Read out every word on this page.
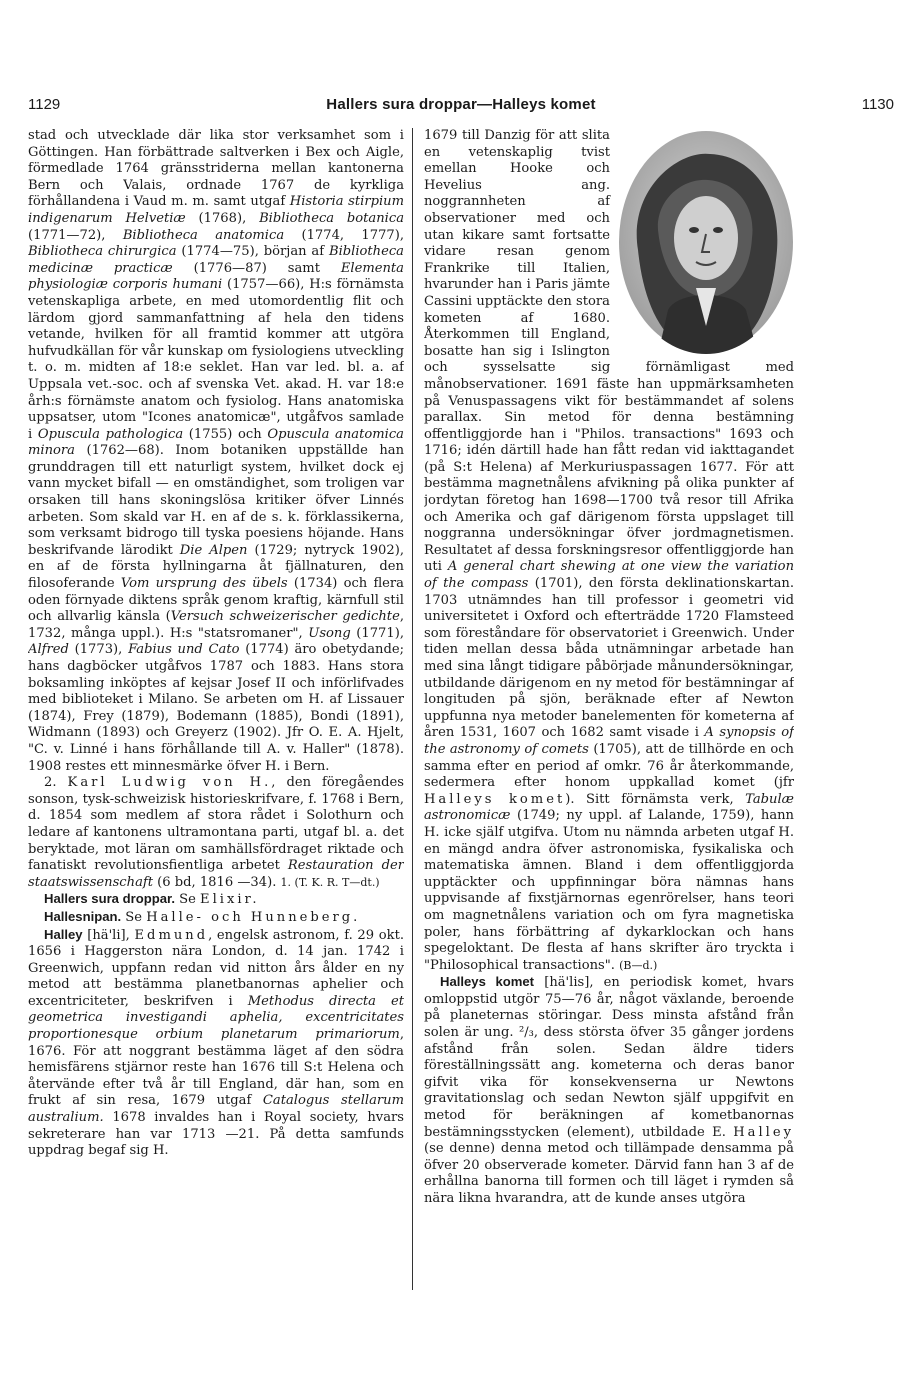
1129	Hallers sura droppar—Halleys komet	1130

stad och utvecklade där lika stor verksamhet som i Göttingen. Han förbättrade saltverken i Bex och Aigle, förmedlade 1764 gränsstriderna mellan kantonerna Bern och Valais, ordnade 1767 de kyrkliga förhållandena i Vaud m. m. samt utgaf Historia stirpium indigenarum Helvetiæ (1768), Bibliotheca botanica (1771—72), Bibliotheca anatomica (1774, 1777), Bibliotheca chirurgica (1774—75), början af Bibliotheca medicinæ practicæ (1776—87) samt Elementa physiologiæ corporis humani (1757—66), H:s förnämsta vetenskapliga arbete, en med utomordentlig flit och lärdom gjord sammanfattning af hela den tidens vetande, hvilken för all framtid kommer att utgöra hufvudkällan för vår kunskap om fysiologiens utveckling t. o. m. midten af 18:e seklet. Han var led. bl. a. af Uppsala vet.-soc. och af svenska Vet. akad. H. var 18:e årh:s förnämste anatom och fysiolog. Hans anatomiska uppsatser, utom "Icones anatomicæ", utgåfvos samlade i Opuscula pathologica (1755) och Opuscula anatomica minora (1762—68). Inom botaniken uppställde han grunddragen till ett naturligt system, hvilket dock ej vann mycket bifall — en omständighet, som troligen var orsaken till hans skoningslösa kritiker öfver Linnés arbeten. Som skald var H. en af de s. k. förklassikerna, som verksamt bidrogo till tyska poesiens höjande. Hans beskrifvande lärodikt Die Alpen (1729; nytryck 1902), en af de första hyllningarna åt fjällnaturen, den filosoferande Vom ursprung des übels (1734) och flera oden förnyade diktens språk genom kraftig, kärnfull stil och allvarlig känsla (Versuch schweizerischer gedichte, 1732, många uppl.). H:s "statsromaner", Usong (1771), Alfred (1773), Fabius und Cato (1774) äro obetydande; hans dagböcker utgåfvos 1787 och 1883. Hans stora boksamling inköptes af kejsar Josef II och införlifvades med biblioteket i Milano. Se arbeten om H. af Lissauer (1874), Frey (1879), Bodemann (1885), Bondi (1891), Widmann (1893) och Greyerz (1902). Jfr O. E. A. Hjelt, "C. v. Linné i hans förhållande till A. v. Haller" (1878). 1908 restes ett minnesmärke öfver H. i Bern.

2. Karl Ludwig von H., den föregåendes sonson, tysk-schweizisk historieskrifvare, f. 1768 i Bern, d. 1854 som medlem af stora rådet i Solothurn och ledare af kantonens ultramontana parti, utgaf bl. a. det beryktade, mot läran om samhällsfördraget riktade och fanatiskt revolutionsfientliga arbetet Restauration der staatswissenschaft (6 bd, 1816 —34). 1. (T. K. R. T—dt.)

Hallers sura droppar. Se Elixir.

Hallesnipan. Se Halle- och Hunneberg.

Halley [hä'li], Edmund, engelsk astronom, f. 29 okt. 1656 i Haggerston nära London, d. 14 jan. 1742 i Greenwich, uppfann redan vid nitton års ålder en ny metod att bestämma planetbanornas aphelier och excentriciteter, beskrifven i Methodus directa et geometrica investigandi aphelia, excentricitates proportionesque orbium planetarum primariorum, 1676. För att noggrant bestämma läget af den södra hemisfärens stjärnor reste han 1676 till S:t Helena och återvände efter två år till England, där han, som en frukt af sin resa, 1679 utgaf Catalogus stellarum australium. 1678 invaldes han i Royal society, hvars sekreterare han var 1713 —21. På detta samfunds uppdrag begaf sig H.

1679 till Danzig för att slita en vetenskaplig tvist emellan Hooke och Hevelius ang. noggrannheten af observationer med och utan kikare samt fortsatte vidare resan genom Frankrike till Italien, hvarunder han i Paris jämte Cassini upptäckte den stora kometen af 1680. Återkommen till England, bosatte han sig i Islington och sysselsatte sig förnämligast med månobservationer. 1691 fäste han uppmärksamheten på Venuspassagens vikt för bestämmandet af solens parallax. Sin metod för denna bestämning offentliggjorde han i "Philos. transactions" 1693 och 1716; idén därtill hade han fått redan vid iakttagandet (på S:t Helena) af Merkuriuspassagen 1677. För att bestämma magnetnålens afvikning på olika punkter af jordytan företog han 1698—1700 två resor till Afrika och Amerika och gaf därigenom första uppslaget till noggranna undersökningar öfver jordmagnetismen. Resultatet af dessa forskningsresor offentliggjorde han uti A general chart shewing at one view the variation of the compass (1701), den första deklinationskartan. 1703 utnämndes han till professor i geometri vid universitetet i Oxford och efterträdde 1720 Flamsteed som föreståndare för observatoriet i Greenwich. Under tiden mellan dessa båda utnämningar arbetade han med sina långt tidigare påbörjade månundersökningar, utbildande därigenom en ny metod för bestämningar af longituden på sjön, beräknade efter af Newton uppfunna nya metoder banelementen för kometerna af åren 1531, 1607 och 1682 samt visade i A synopsis of the astronomy of comets (1705), att de tillhörde en och samma efter en period af omkr. 76 år återkommande, sedermera efter honom uppkallad komet (jfr Halleys komet). Sitt förnämsta verk, Tabulæ astronomicæ (1749; ny uppl. af Lalande, 1759), hann H. icke själf utgifva. Utom nu nämnda arbeten utgaf H. en mängd andra öfver astronomiska, fysikaliska och matematiska ämnen. Bland i dem offentliggjorda upptäckter och uppfinningar böra nämnas hans uppvisande af fixstjärnornas egenrörelser, hans teori om magnetnålens variation och om fyra magnetiska poler, hans förbättring af dykarklockan och hans spegeloktant. De flesta af hans skrifter äro tryckta i "Philosophical transactions". (B—d.)

Halleys komet [hä'lis], en periodisk komet, hvars omloppstid utgör 75—76 år, något växlande, beroende på planeternas störingar. Dess minsta afstånd från solen är ung. ²/₃, dess största öfver 35 gånger jordens afstånd från solen. Sedan äldre tiders föreställningssätt ang. kometerna och deras banor gifvit vika för konsekvenserna ur Newtons gravitationslag och sedan Newton själf uppgifvit en metod för beräkningen af kometbanornas bestämningsstycken (element), utbildade E. Halley (se denne) denna metod och tillämpade densamma på öfver 20 observerade kometer. Därvid fann han 3 af de erhållna banorna till formen och till läget i rymden så nära likna hvarandra, att de kunde anses utgöra
